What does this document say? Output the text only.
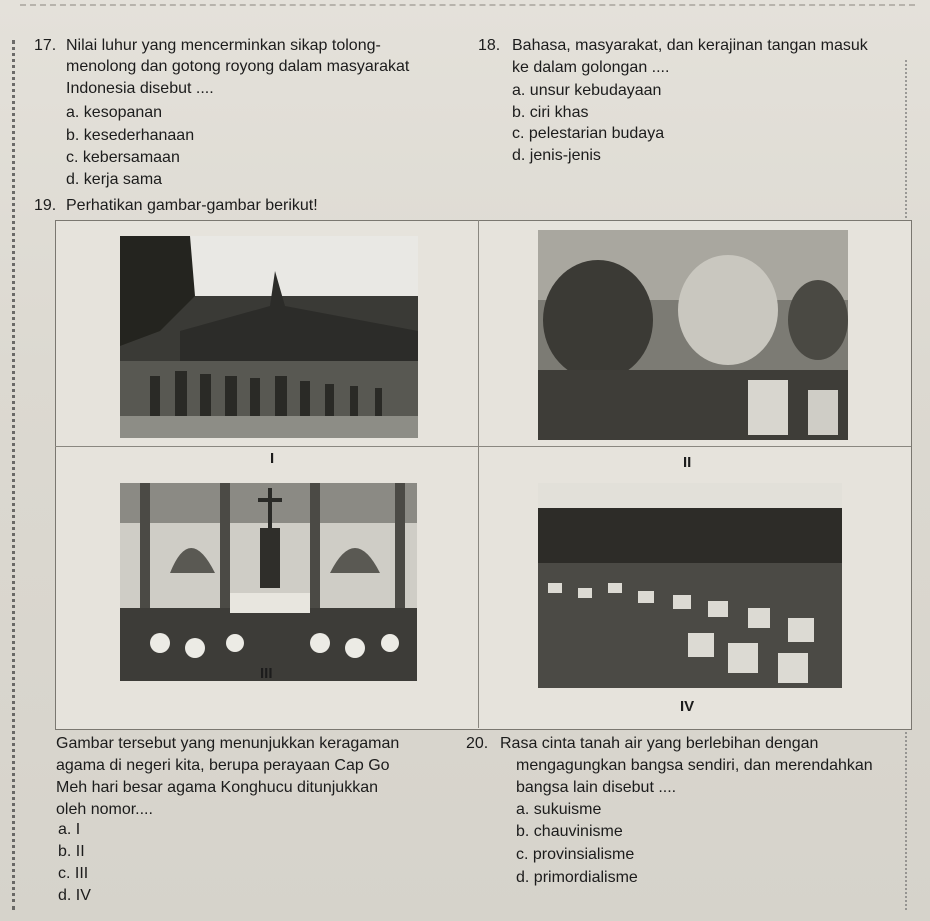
17. Nilai luhur yang mencerminkan sikap tolong-
menolong dan gotong royong dalam masyarakat
Indonesia disebut ....
a. kesopanan
b. kesederhanaan
c. kebersamaan
d. kerja sama
18. Bahasa, masyarakat, dan kerajinan tangan masuk
ke dalam golongan ....
a. unsur kebudayaan
b. ciri khas
c. pelestarian budaya
d. jenis-jenis
19. Perhatikan gambar-gambar berikut!
I	II
III
IV
Gambar tersebut yang menunjukkan keragaman
agama di negeri kita, berupa perayaan Cap Go
Meh hari besar agama Konghucu ditunjukkan
oleh nomor....
a. I
b. II
c. III
d. IV
20. Rasa cinta tanah air yang berlebihan dengan
mengagungkan bangsa sendiri, dan merendahkan
bangsa lain disebut ....
a. sukuisme
b. chauvinisme
c. provinsialisme
d. primordialisme
